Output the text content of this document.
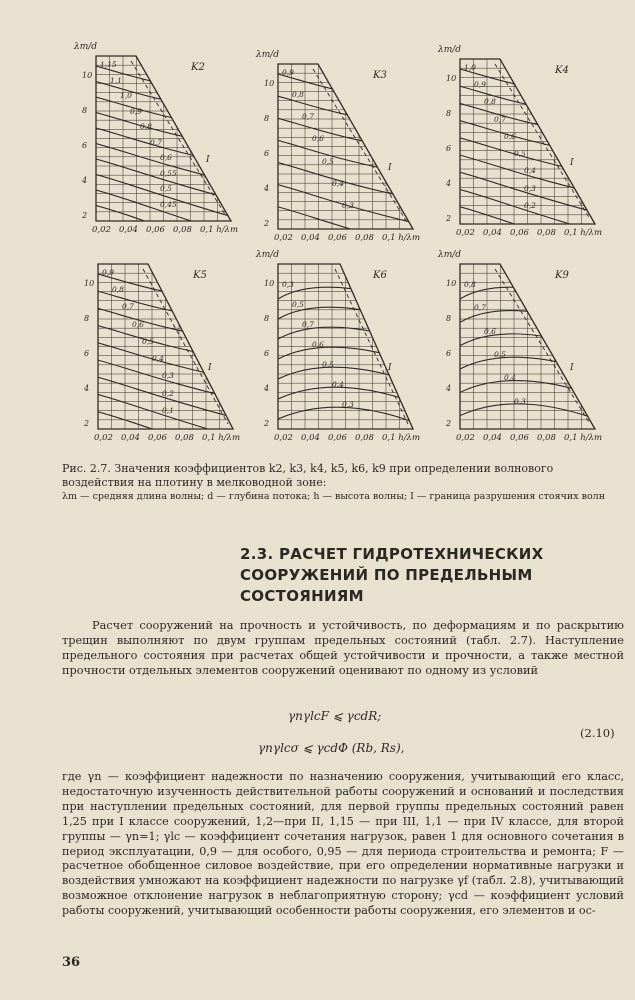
λm/d
K2
10
8
6
4
2
0,02 0,04 0,06 0,08 0,1 h/λm
1,15
1,1
1,0
0,9
0,8
0,7
0,6
0,55
0,5
0,45
I
λm/d
K3
10
8
6
4
2
0,02 0,04 0,06 0,08 0,1 h/λm
0,9
0,8
0,7
0,6
0,5
0,4
0,3
I
λm/d
K4
10
8
6
4
2
0,02 0,04 0,06 0,08 0,1 h/λm
1,0
0,9
0,8
0,7
0,6
0,5
0,4
0,3
0,2
I
K5
10
8
6
4
2
0,02 0,04 0,06 0,08 0,1 h/λm
0,9
0,8
0,7
0,6
0,5
0,4
0,3
0,2
0,1
I
λm/d
K6
10
8
6
4
2
0,02 0,04 0,06 0,08 0,1 h/λm
0,3
0,5
0,7
0,6
0,5
0,4
0,3
I
λm/d
K9
10
8
6
4
2
0,02 0,04 0,06 0,08 0,1 h/λm
0,8
0,7
0,6
0,5
0,4
0,3
I
Рис. 2.7. Значения коэффициентов k2, k3, k4, k5, k6, k9 при определении волнового воздействия на плотину в мелководной зоне:
λm — средняя длина волны; d — глубина потока; h — высота волны; I — граница разрушения стоячих волн
2.3. РАСЧЕТ ГИДРОТЕХНИЧЕСКИХ
СООРУЖЕНИЙ ПО ПРЕДЕЛЬНЫМ
СОСТОЯНИЯМ

Расчет сооружений на прочность и устойчивость, по деформациям и по раскрытию трещин выполняют по двум группам предельных состояний (табл. 2.7). Наступление предельного состояния при расчетах общей устойчивости и прочности, а также местной прочности отдельных элементов сооружений оценивают по одному из условий

γnγlcF ⩽ γcdR;
(2.10)
γnγlcσ ⩽ γcdΦ (Rb, Rs),

где γn — коэффициент надежности по назначению сооружения, учитывающий его класс, недостаточную изученность действительной работы сооружений и оснований и последствия при наступлении предельных состояний, для первой группы предельных состояний равен 1,25 при I классе сооружений, 1,2—при II, 1,15 — при III, 1,1 — при IV классе, для второй группы — γn=1; γlc — коэффициент сочетания нагрузок, равен 1 для основного сочетания в период эксплуатации, 0,9 — для особого, 0,95 — для периода строительства и ремонта; F — расчетное обобщенное силовое воздействие, при его определении нормативные нагрузки и воздействия умножают на коэффициент надежности по нагрузке γf (табл. 2.8), учитывающий возможное отклонение нагрузок в неблагоприятную сторону; γcd — коэффициент условий работы сооружений, учитывающий особенности работы сооружения, его элементов и ос-

36
